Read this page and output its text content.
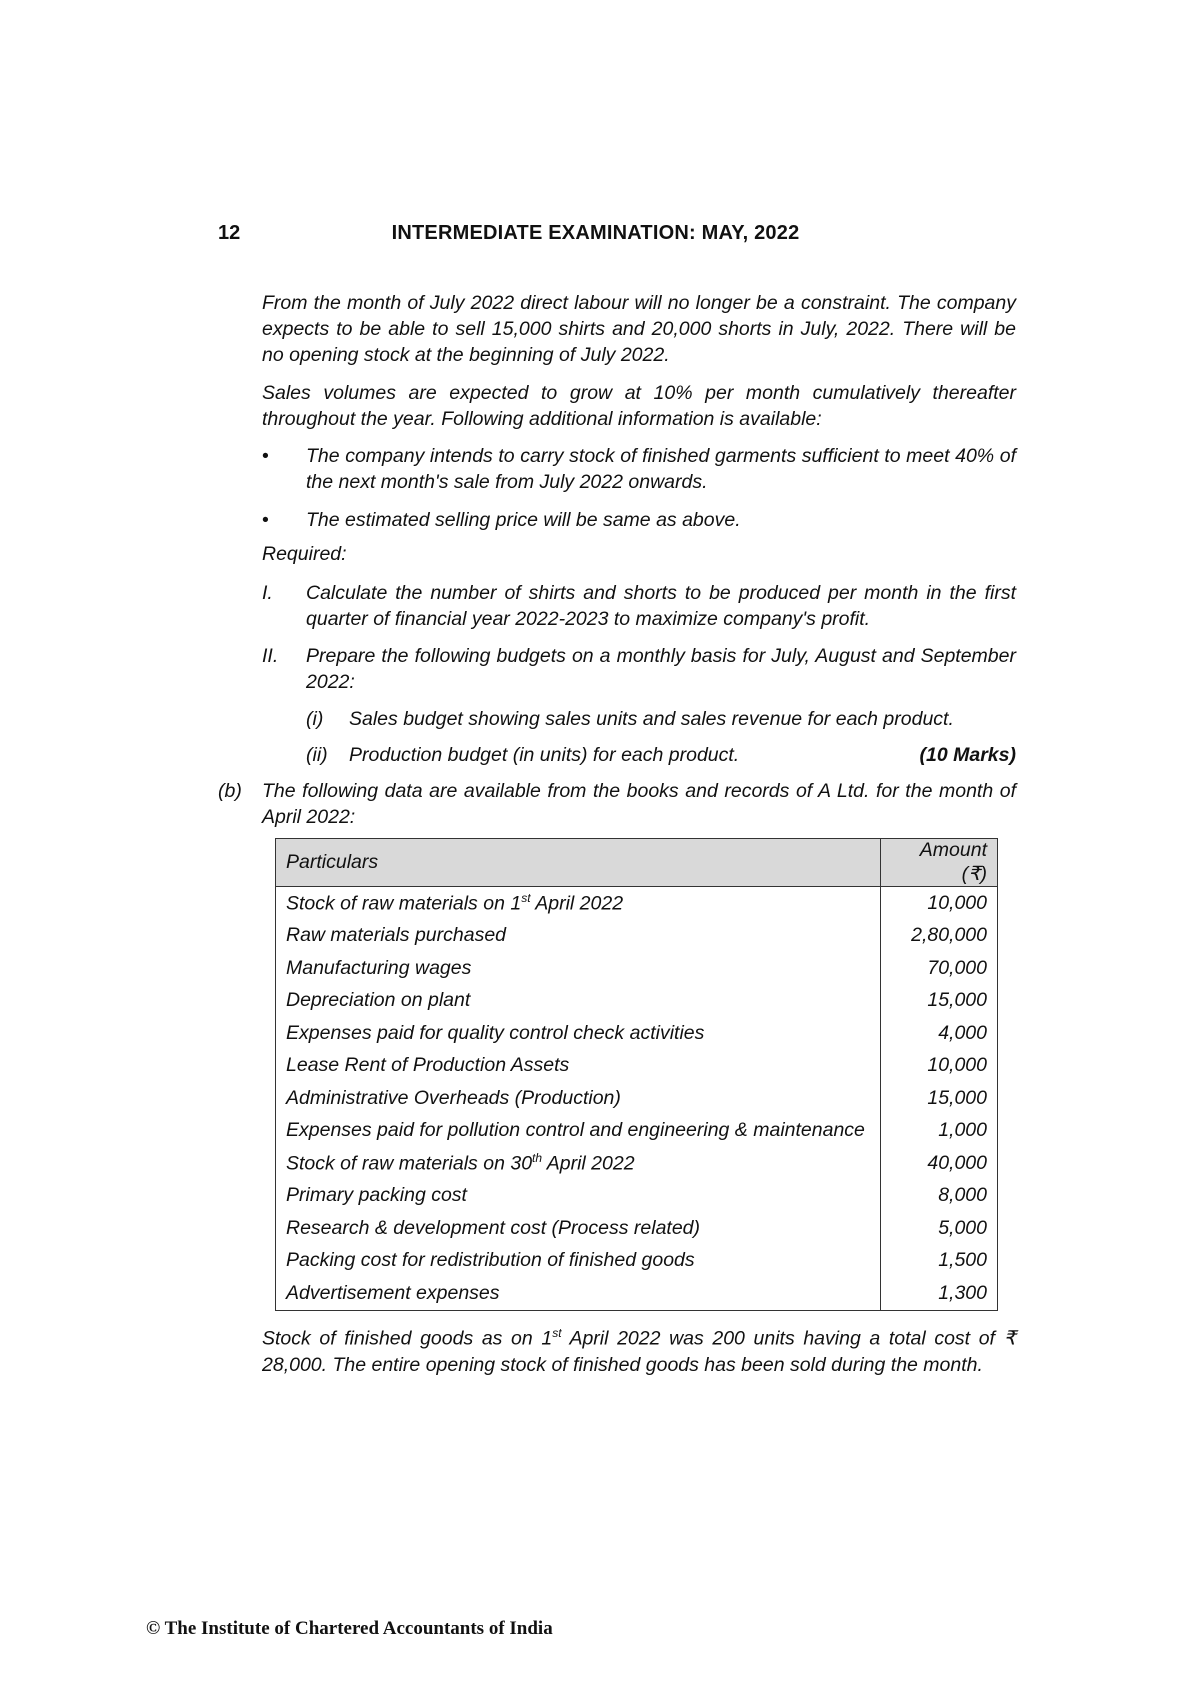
12	INTERMEDIATE EXAMINATION: MAY, 2022
From the month of July 2022 direct labour will no longer be a constraint. The company expects to be able to sell 15,000 shirts and 20,000 shorts in July, 2022. There will be no opening stock at the beginning of July 2022.
Sales volumes are expected to grow at 10% per month cumulatively thereafter throughout the year. Following additional information is available:
• The company intends to carry stock of finished garments sufficient to meet 40% of the next month's sale from July 2022 onwards.
• The estimated selling price will be same as above.
Required:
I. Calculate the number of shirts and shorts to be produced per month in the first quarter of financial year 2022-2023 to maximize company's profit.
II. Prepare the following budgets on a monthly basis for July, August and September 2022:
(i) Sales budget showing sales units and sales revenue for each product.
(ii) Production budget (in units) for each product.	(10 Marks)
(b) The following data are available from the books and records of A Ltd. for the month of April 2022:
Particulars	Amount (₹)
Stock of raw materials on 1st April 2022	10,000
Raw materials purchased	2,80,000
Manufacturing wages	70,000
Depreciation on plant	15,000
Expenses paid for quality control check activities	4,000
Lease Rent of Production Assets	10,000
Administrative Overheads (Production)	15,000
Expenses paid for pollution control and engineering & maintenance	1,000
Stock of raw materials on 30th April 2022	40,000
Primary packing cost	8,000
Research & development cost (Process related)	5,000
Packing cost for redistribution of finished goods	1,500
Advertisement expenses	1,300
Stock of finished goods as on 1st April 2022 was 200 units having a total cost of ₹ 28,000. The entire opening stock of finished goods has been sold during the month.
© The Institute of Chartered Accountants of India
